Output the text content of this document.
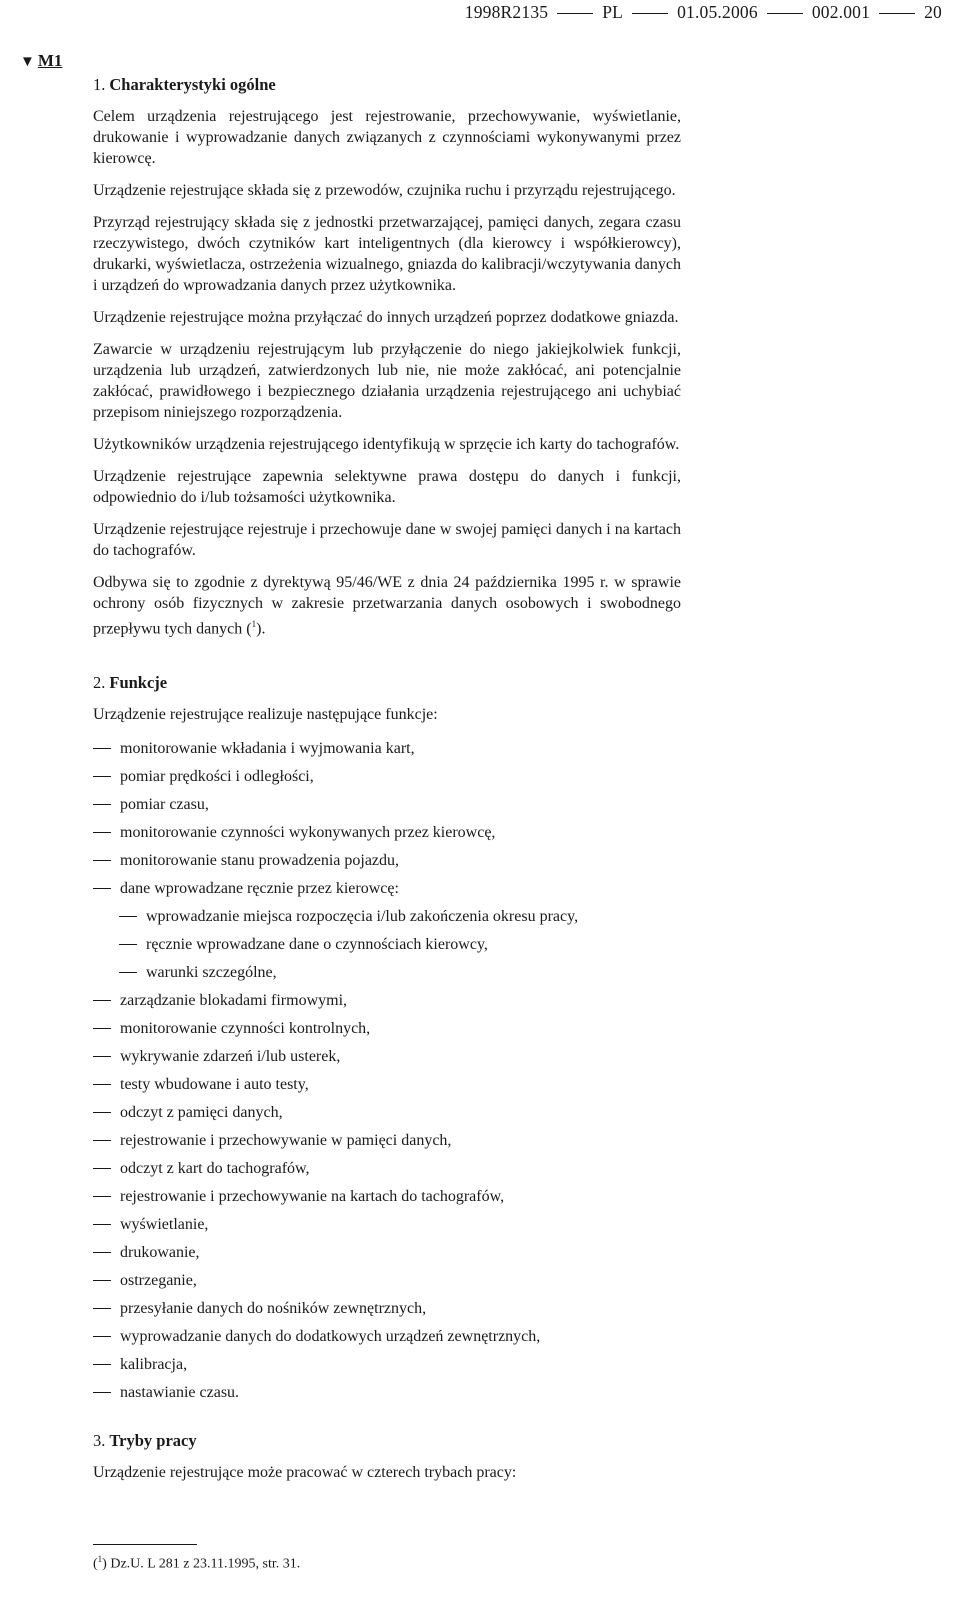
1998R2135	PL	01.05.2006	002.001	20
▼ M1
1. Charakterystyki ogólne
Celem urządzenia rejestrującego jest rejestrowanie, przechowywanie, wyświetlanie, drukowanie i wyprowadzanie danych związanych z czynnościami wykonywanymi przez kierowcę.
Urządzenie rejestrujące składa się z przewodów, czujnika ruchu i przyrządu rejestrującego.
Przyrząd rejestrujący składa się z jednostki przetwarzającej, pamięci danych, zegara czasu rzeczywistego, dwóch czytników kart inteligentnych (dla kierowcy i współkierowcy), drukarki, wyświetlacza, ostrzeżenia wizualnego, gniazda do kalibracji/wczytywania danych i urządzeń do wprowadzania danych przez użytkownika.
Urządzenie rejestrujące można przyłączać do innych urządzeń poprzez dodatkowe gniazda.
Zawarcie w urządzeniu rejestrującym lub przyłączenie do niego jakiejkolwiek funkcji, urządzenia lub urządzeń, zatwierdzonych lub nie, nie może zakłócać, ani potencjalnie zakłócać, prawidłowego i bezpiecznego działania urządzenia rejestrującego ani uchybiać przepisom niniejszego rozporządzenia.
Użytkowników urządzenia rejestrującego identyfikują w sprzęcie ich karty do tachografów.
Urządzenie rejestrujące zapewnia selektywne prawa dostępu do danych i funkcji, odpowiednio do i/lub tożsamości użytkownika.
Urządzenie rejestrujące rejestruje i przechowuje dane w swojej pamięci danych i na kartach do tachografów.
Odbywa się to zgodnie z dyrektywą 95/46/WE z dnia 24 października 1995 r. w sprawie ochrony osób fizycznych w zakresie przetwarzania danych osobowych i swobodnego przepływu tych danych ($^1$).
2. Funkcje
Urządzenie rejestrujące realizuje następujące funkcje:
monitorowanie wkładania i wyjmowania kart,
pomiar prędkości i odległości,
pomiar czasu,
monitorowanie czynności wykonywanych przez kierowcę,
monitorowanie stanu prowadzenia pojazdu,
dane wprowadzane ręcznie przez kierowcę:
wprowadzanie miejsca rozpoczęcia i/lub zakończenia okresu pracy,
ręcznie wprowadzane dane o czynnościach kierowcy,
warunki szczególne,
zarządzanie blokadami firmowymi,
monitorowanie czynności kontrolnych,
wykrywanie zdarzeń i/lub usterek,
testy wbudowane i auto testy,
odczyt z pamięci danych,
rejestrowanie i przechowywanie w pamięci danych,
odczyt z kart do tachografów,
rejestrowanie i przechowywanie na kartach do tachografów,
wyświetlanie,
drukowanie,
ostrzeganie,
przesyłanie danych do nośników zewnętrznych,
wyprowadzanie danych do dodatkowych urządzeń zewnętrznych,
kalibracja,
nastawianie czasu.
3. Tryby pracy
Urządzenie rejestrujące może pracować w czterech trybach pracy:
($^1$) Dz.U. L 281 z 23.11.1995, str. 31.
